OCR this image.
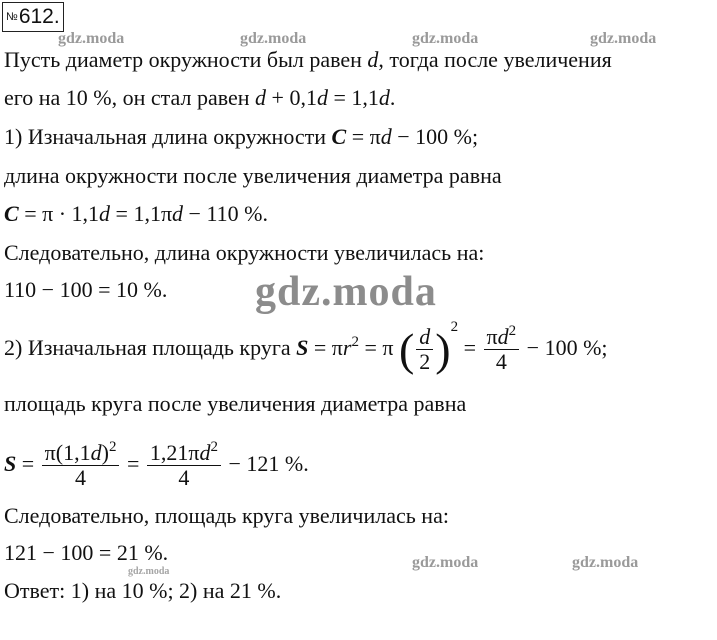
№612.
gdz.moda	gdz.moda	gdz.moda	gdz.moda
gdz.moda	gdz.moda
gdz.moda
gdz.moda
Пусть диаметр окружности был равен d, тогда после увеличения
его на 10 %, он стал равен d + 0,1d = 1,1d.
1) Изначальная длина окружности C = πd − 100 %;
длина окружности после увеличения диаметра равна
C = π · 1,1d = 1,1πd − 110 %.
Следовательно, длина окружности увеличилась на:
110 − 100 = 10 %.
2) Изначальная площадь круга $S = \pi r^2 = \pi$ ( $\frac{d}{2} )^2 = \frac{\pi d^2}{4} - 100$ %;
площадь круга после увеличения диаметра равна
$S = \frac{\pi(1,1d)^2}{4} = \frac{1,21\pi d^2}{4} - 121$ %.
Следовательно, площадь круга увеличилась на:
121 − 100 = 21 %.
Ответ: 1) на 10 %; 2) на 21 %.
